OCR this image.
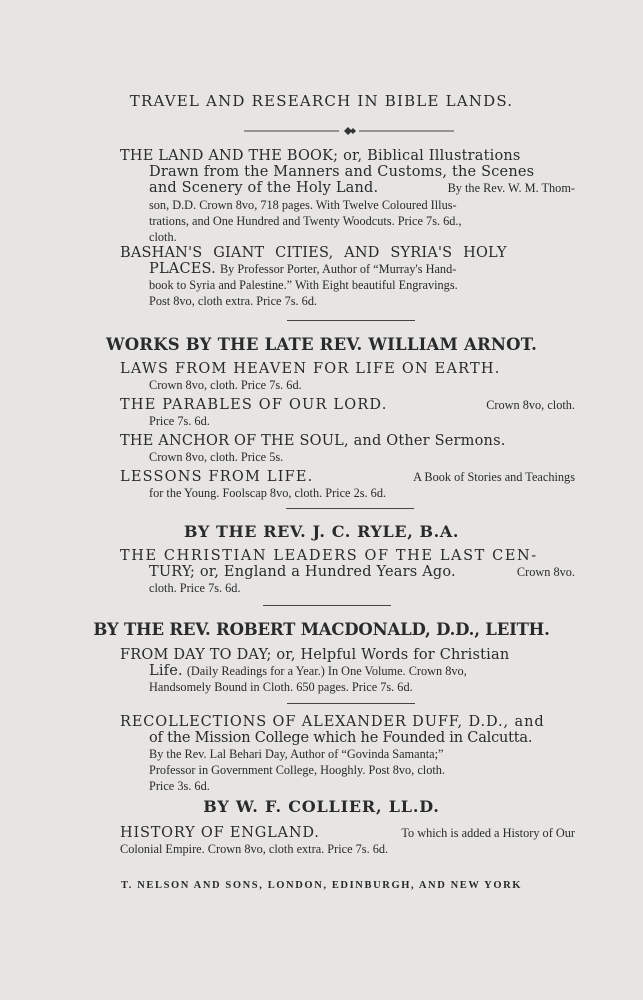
TRAVEL AND RESEARCH IN BIBLE LANDS.
THE LAND AND THE BOOK; or, Biblical Illustrations
Drawn from the Manners and Customs, the Scenes
and Scenery of the Holy Land.	By the Rev. W. M. Thom-
son, D.D. Crown 8vo, 718 pages. With Twelve Coloured Illus-
trations, and One Hundred and Twenty Woodcuts. Price 7s. 6d.,
cloth.
BASHAN'S GIANT CITIES, AND SYRIA'S HOLY
PLACES. By Professor Porter, Author of “Murray's Hand-
book to Syria and Palestine.” With Eight beautiful Engravings.
Post 8vo, cloth extra. Price 7s. 6d.
WORKS BY THE LATE REV. WILLIAM ARNOT.
LAWS FROM HEAVEN FOR LIFE ON EARTH.
Crown 8vo, cloth. Price 7s. 6d.
THE PARABLES OF OUR LORD.	Crown 8vo, cloth.
Price 7s. 6d.
THE ANCHOR OF THE SOUL, and Other Sermons.
Crown 8vo, cloth. Price 5s.
LESSONS FROM LIFE.	A Book of Stories and Teachings
for the Young. Foolscap 8vo, cloth. Price 2s. 6d.
BY THE REV. J. C. RYLE, B.A.
THE CHRISTIAN LEADERS OF THE LAST CEN-
TURY; or, England a Hundred Years Ago.	Crown 8vo.
cloth. Price 7s. 6d.
BY THE REV. ROBERT MACDONALD, D.D., LEITH.
FROM DAY TO DAY; or, Helpful Words for Christian
Life. (Daily Readings for a Year.) In One Volume. Crown 8vo,
Handsomely Bound in Cloth. 650 pages. Price 7s. 6d.
RECOLLECTIONS OF ALEXANDER DUFF, D.D., and
of the Mission College which he Founded in Calcutta.
By the Rev. Lal Behari Day, Author of “Govinda Samanta;”
Professor in Government College, Hooghly. Post 8vo, cloth.
Price 3s. 6d.
BY W. F. COLLIER, LL.D.
HISTORY OF ENGLAND.	To which is added a History of Our
Colonial Empire. Crown 8vo, cloth extra. Price 7s. 6d.
T. NELSON AND SONS, LONDON, EDINBURGH, AND NEW YORK
